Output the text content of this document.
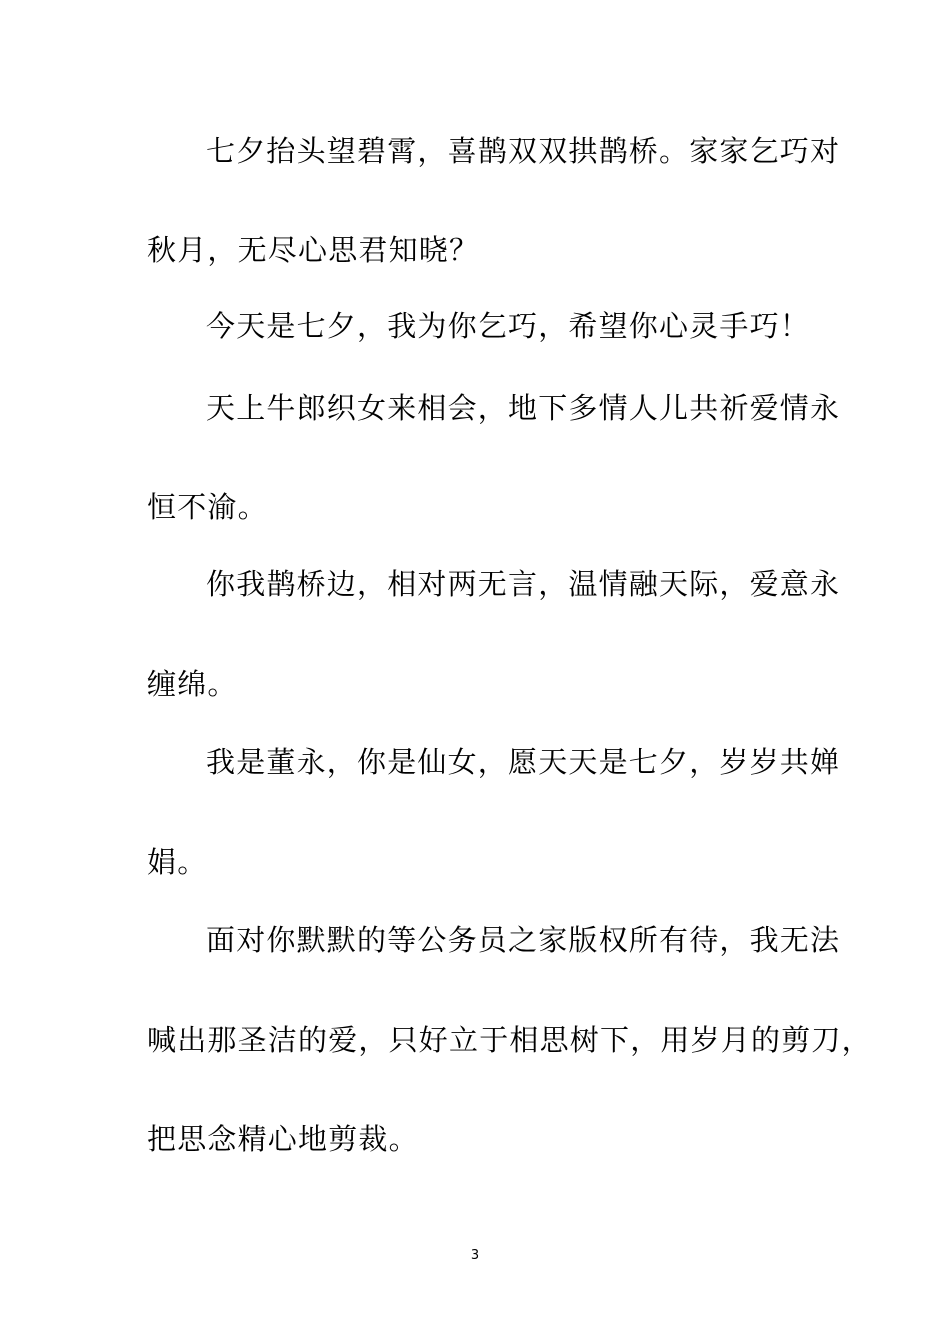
七夕抬头望碧霄，喜鹊双双拱鹊桥。家家乞巧对

秋月，无尽心思君知晓？

今天是七夕，我为你乞巧，希望你心灵手巧！

天上牛郎织女来相会，地下多情人儿共祈爱情永

恒不渝。

你我鹊桥边，相对两无言，温情融天际，爱意永

缠绵。

我是董永，你是仙女，愿天天是七夕，岁岁共婵

娟。

面对你默默的等公务员之家版权所有待，我无法

喊出那圣洁的爱，只好立于相思树下，用岁月的剪刀，

把思念精心地剪裁。

3
